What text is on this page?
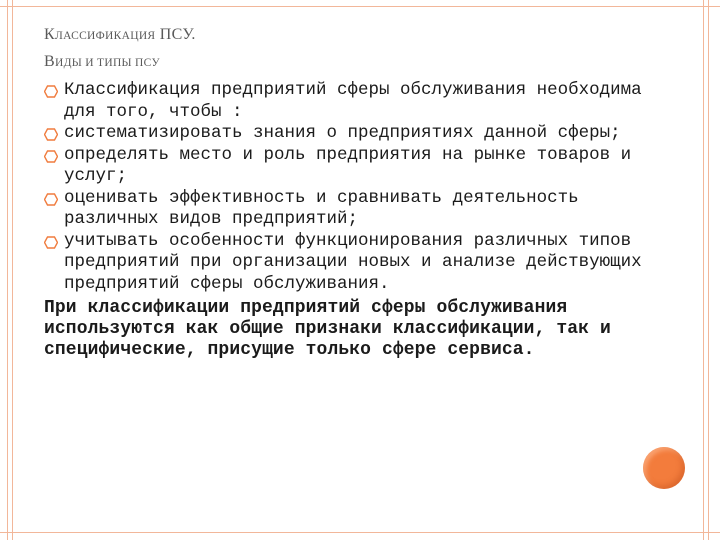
КЛАССИФИКАЦИЯ ПСУ.
ВИДЫ И ТИПЫ ПСУ
Классификация предприятий сферы обслуживания необходима для того, чтобы :
систематизировать знания о предприятиях данной сферы;
определять место и роль предприятия на рынке товаров и услуг;
оценивать эффективность и сравнивать деятельность различных видов предприятий;
учитывать особенности функционирования различных типов предприятий при организации новых и анализе действующих предприятий сферы обслуживания.

При классификации предприятий сферы обслуживания используются как общие признаки классификации, так и специфические, присущие только сфере сервиса.
